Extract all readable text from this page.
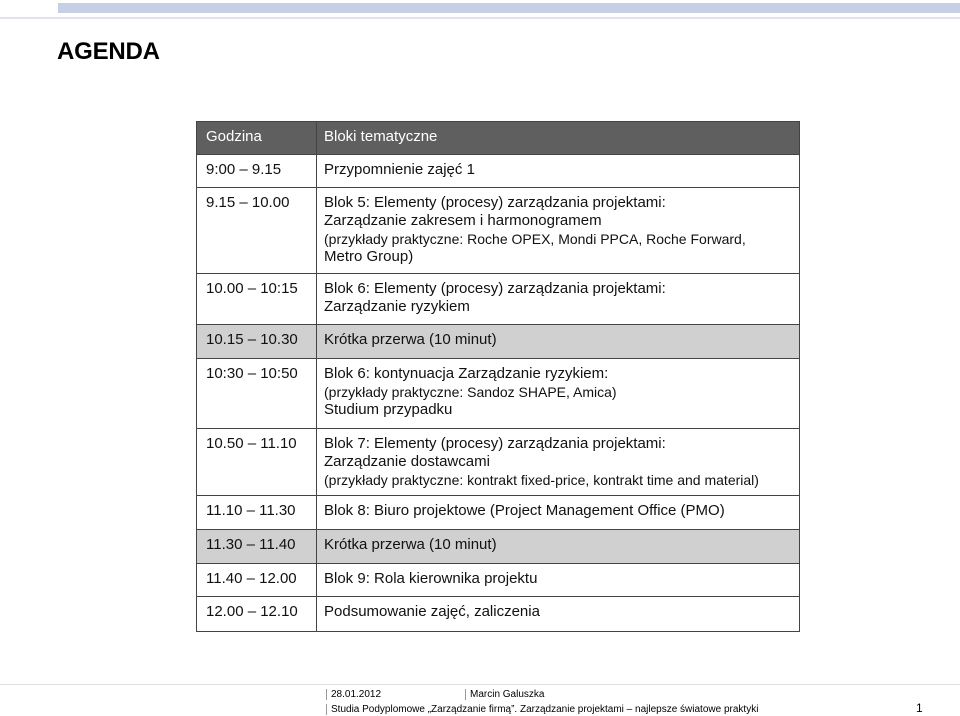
AGENDA
Godzina	Bloki tematyczne
9:00 – 9.15	Przypomnienie zajęć 1
9.15 – 10.00	Blok 5: Elementy (procesy) zarządzania projektami:
Zarządzanie zakresem i harmonogramem
(przykłady praktyczne: Roche OPEX, Mondi PPCA, Roche Forward,
Metro Group)
10.00 – 10:15	Blok 6: Elementy (procesy) zarządzania projektami:
Zarządzanie ryzykiem
10.15 – 10.30	Krótka przerwa (10 minut)
10:30 – 10:50	Blok 6: kontynuacja Zarządzanie ryzykiem:
(przykłady praktyczne: Sandoz SHAPE, Amica)
Studium przypadku
10.50 – 11.10	Blok 7: Elementy (procesy) zarządzania projektami:
Zarządzanie dostawcami
(przykłady praktyczne: kontrakt fixed-price, kontrakt time and material)
11.10 – 11.30	Blok 8: Biuro projektowe (Project Management Office (PMO)
11.30 – 11.40	Krótka przerwa (10 minut)
11.40 – 12.00	Blok 9: Rola kierownika projektu
12.00 – 12.10	Podsumowanie zajęć, zaliczenia
28.01.2012	Marcin Galuszka
Studia Podyplomowe „Zarządzanie firmą”. Zarządzanie projektami – najlepsze światowe praktyki	1
